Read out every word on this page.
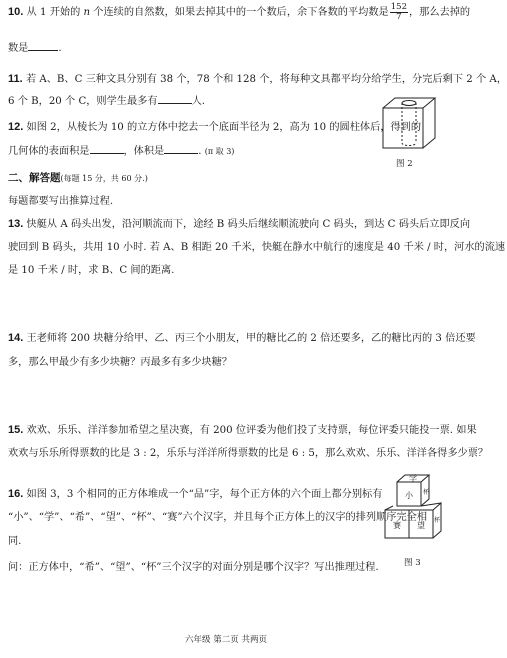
10. 从 1 开始的 n 个连续的自然数，如果去掉其中的一个数后，余下各数的平均数是 $\frac{152}{7}$ ，那么去掉的
数是	.
11. 若 A、B、C 三种文具分别有 38 个，78 个和 128 个，将每种文具都平均分给学生，分完后剩下 2 个 A，
6 个 B，20 个 C，则学生最多有	人.
12. 如图 2，从棱长为 10 的立方体中挖去一个底面半径为 2，高为 10 的圆柱体后，得到的
几何体的表面积是	，体积是	. (π 取 3)
图 2
二、解答题(每题 15 分，共 60 分.)
每题都要写出推算过程.
13. 快艇从 A 码头出发，沿河顺流而下，途经 B 码头后继续顺流驶向 C 码头，到达 C 码头后立即反向
驶回到 B 码头，共用 10 小时. 若 A、B 相距 20 千米，快艇在静水中航行的速度是 40 千米 / 时，河水的流速
是 10 千米 / 时，求 B、C 间的距离.
14. 王老师将 200 块糖分给甲、乙、丙三个小朋友，甲的糖比乙的 2 倍还要多，乙的糖比丙的 3 倍还要
多，那么甲最少有多少块糖？丙最多有多少块糖？
15. 欢欢、乐乐、洋洋参加希望之星决赛，有 200 位评委为他们投了支持票，每位评委只能投一票. 如果
欢欢与乐乐所得票数的比是 3 : 2，乐乐与洋洋所得票数的比是 6 : 5，那么欢欢、乐乐、洋洋各得多少票？
16. 如图 3，3 个相同的正方体堆成一个“品”字，每个正方体的六个面上都分别标有
“小”、“学”、“希”、“望”、“杯”、“赛”六个汉字，并且每个正方体上的汉字的排列顺序完全相
同.
问：正方体中，“希”、“望”、“杯”三个汉字的对面分别是哪个汉字？写出推理过程.
学
小 杯
赛 望
杯
图 3
六年级 第二页 共两页
